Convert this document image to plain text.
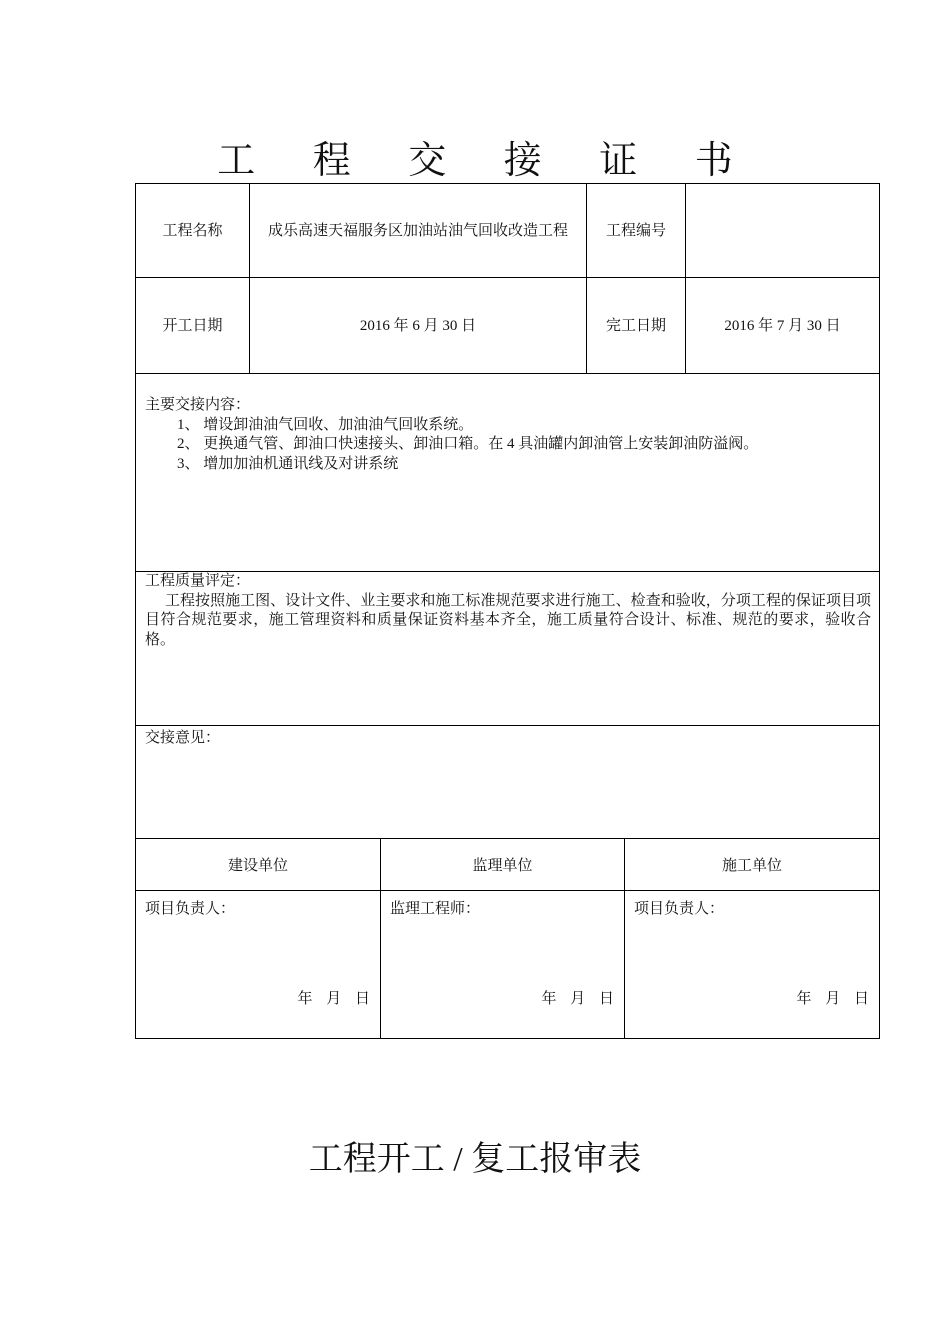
工 程 交 接 证 书
工程名称	成乐高速天福服务区加油站油气回收改造工程	工程编号
开工日期	2016 年 6 月 30 日	完工日期	2016 年 7 月 30 日
主要交接内容：
1、 增设卸油油气回收、加油油气回收系统。
2、 更换通气管、卸油口快速接头、卸油口箱。在 4 具油罐内卸油管上安装卸油防溢阀。
3、 增加加油机通讯线及对讲系统
工程质量评定：
工程按照施工图、设计文件、业主要求和施工标准规范要求进行施工、检查和验收，分项工程的保证项目项目符合规范要求，施工管理资料和质量保证资料基本齐全，施工质量符合设计、标准、规范的要求，验收合格。
交接意见：
建设单位	监理单位	施工单位
项目负责人：
年 月 日
监理工程师：
年 月 日
项目负责人：
年 月 日
工程开工 / 复工报审表
